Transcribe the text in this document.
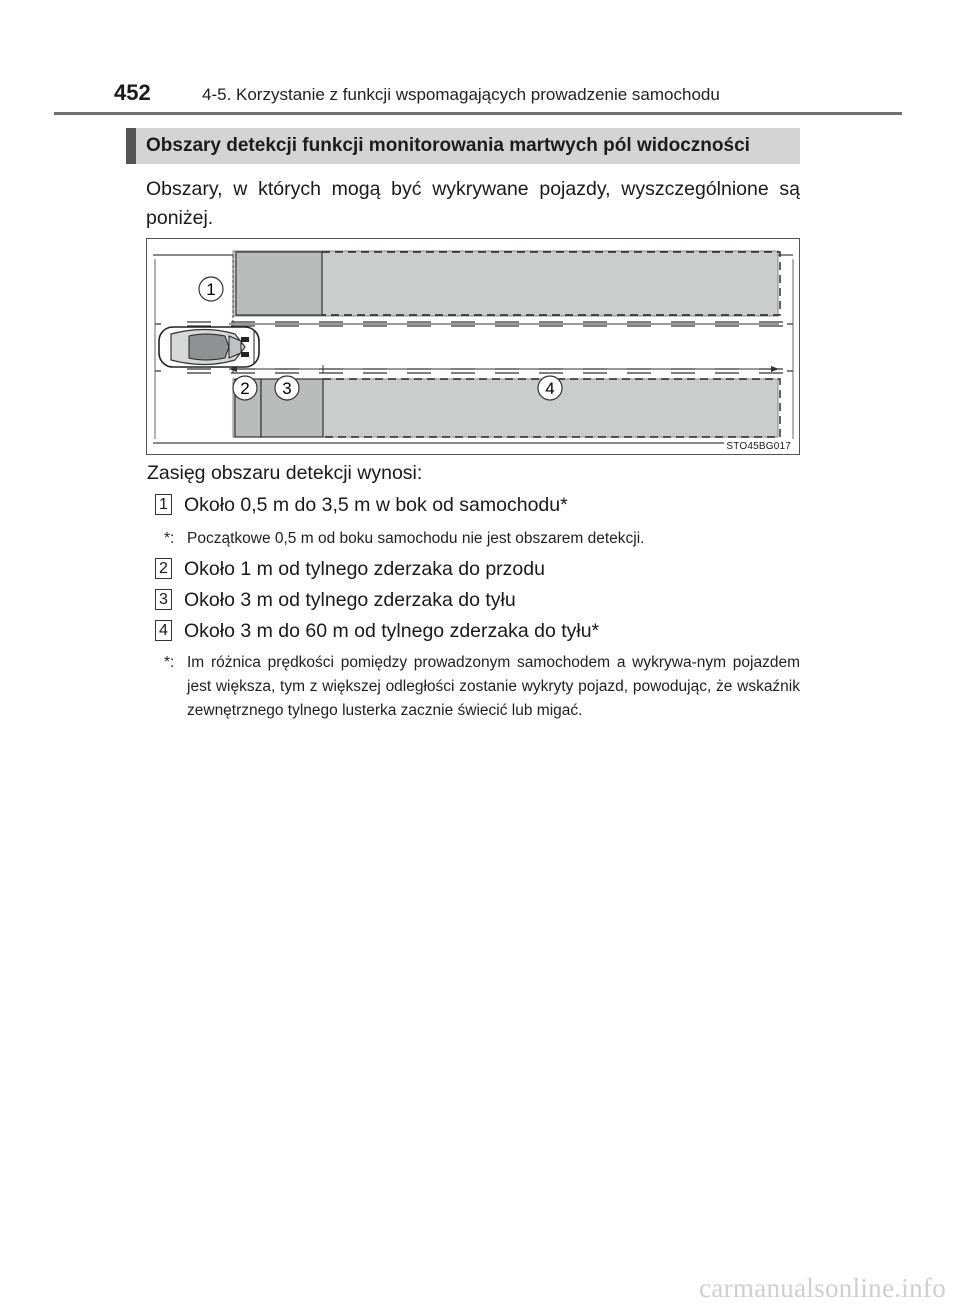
452	4-5. Korzystanie z funkcji wspomagających prowadzenie samochodu
Obszary detekcji funkcji monitorowania martwych pól widoczności
Obszary, w których mogą być wykrywane pojazdy, wyszczególnione są poniżej.
1
2 3	4
STO45BG017
Zasięg obszaru detekcji wynosi:
1 Około 0,5 m do 3,5 m w bok od samochodu*
*: Początkowe 0,5 m od boku samochodu nie jest obszarem detekcji.
2 Około 1 m od tylnego zderzaka do przodu
3 Około 3 m od tylnego zderzaka do tyłu
4 Około 3 m do 60 m od tylnego zderzaka do tyłu*
*: Im różnica prędkości pomiędzy prowadzonym samochodem a wykrywa-nym pojazdem jest większa, tym z większej odległości zostanie wykryty pojazd, powodując, że wskaźnik zewnętrznego tylnego lusterka zacznie świecić lub migać.
carmanualsonline.info
